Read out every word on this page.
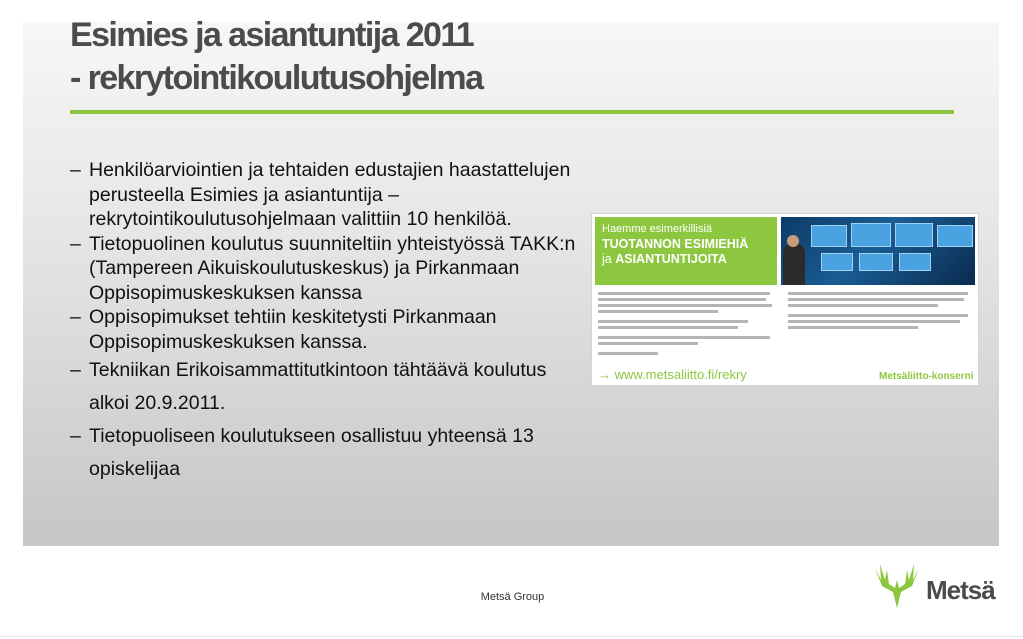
Esimies ja asiantuntija 2011
- rekrytointikoulutusohjelma
– Henkilöarviointien ja tehtaiden edustajien haastattelujen perusteella Esimies ja asiantuntija –rekrytointikoulutusohjelmaan valittiin 10 henkilöä.
– Tietopuolinen koulutus suunniteltiin yhteistyössä TAKK:n (Tampereen Aikuiskoulutuskeskus) ja Pirkanmaan Oppisopimuskeskuksen kanssa
– Oppisopimukset tehtiin keskitetysti Pirkanmaan Oppisopimuskeskuksen kanssa.
– Tekniikan Erikoisammattitutkintoon tähtäävä koulutus alkoi 20.9.2011.
– Tietopuoliseen koulutukseen osallistuu yhteensä 13 opiskelijaa
Haemme esimerkillisiä
TUOTANNON ESIMIEHIÄ
ja ASIANTUNTIJOITA
→ www.metsaliitto.fi/rekry	Metsäliitto-konserni
Metsä Group	Metsä
